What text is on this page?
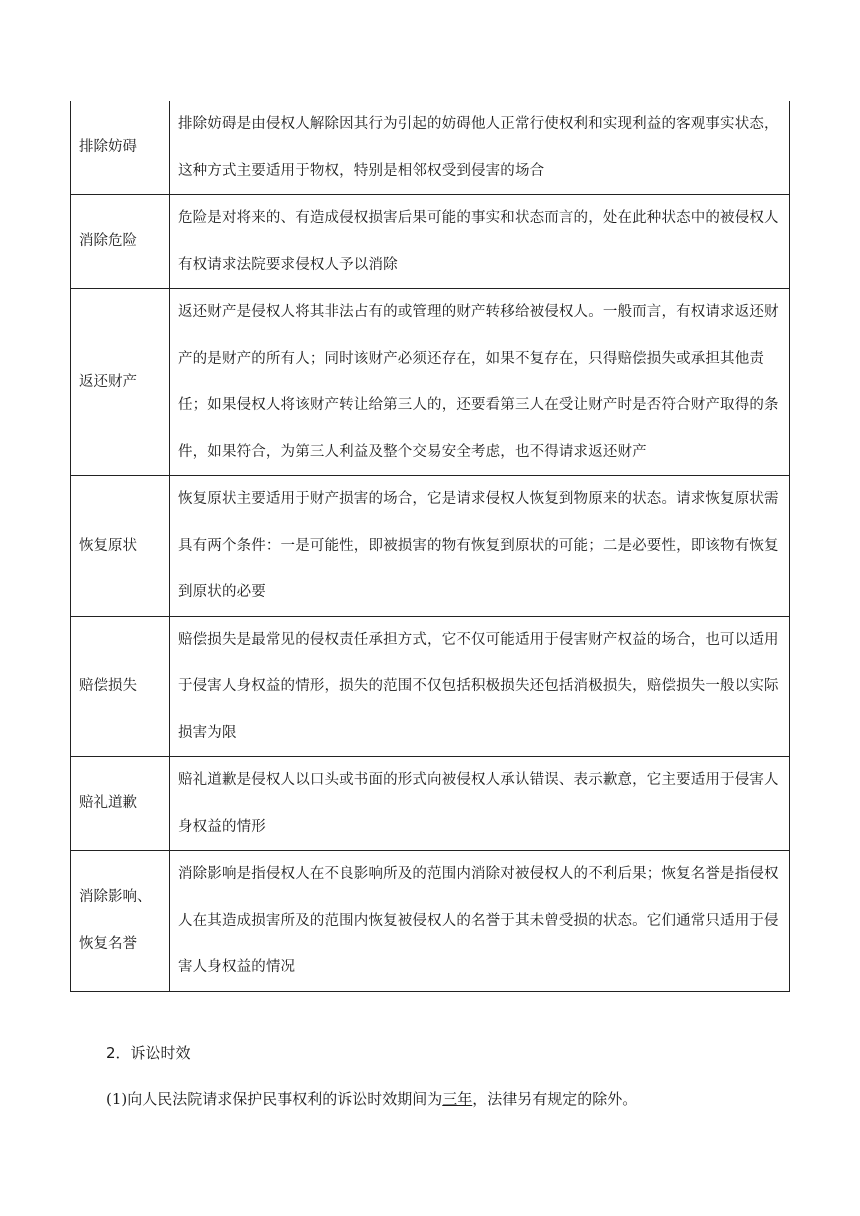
排除妨碍	排除妨碍是由侵权人解除因其行为引起的妨碍他人正常行使权利和实现利益的客观事实状态，这种方式主要适用于物权，特别是相邻权受到侵害的场合
消除危险	危险是对将来的、有造成侵权损害后果可能的事实和状态而言的，处在此种状态中的被侵权人有权请求法院要求侵权人予以消除
返还财产	返还财产是侵权人将其非法占有的或管理的财产转移给被侵权人。一般而言，有权请求返还财产的是财产的所有人；同时该财产必须还存在，如果不复存在，只得赔偿损失或承担其他责任；如果侵权人将该财产转让给第三人的，还要看第三人在受让财产时是否符合财产取得的条件，如果符合，为第三人利益及整个交易安全考虑，也不得请求返还财产
恢复原状	恢复原状主要适用于财产损害的场合，它是请求侵权人恢复到物原来的状态。请求恢复原状需具有两个条件：一是可能性，即被损害的物有恢复到原状的可能；二是必要性，即该物有恢复到原状的必要
赔偿损失	赔偿损失是最常见的侵权责任承担方式，它不仅可能适用于侵害财产权益的场合，也可以适用于侵害人身权益的情形，损失的范围不仅包括积极损失还包括消极损失，赔偿损失一般以实际损害为限
赔礼道歉	赔礼道歉是侵权人以口头或书面的形式向被侵权人承认错误、表示歉意，它主要适用于侵害人身权益的情形
消除影响、恢复名誉	消除影响是指侵权人在不良影响所及的范围内消除对被侵权人的不利后果；恢复名誉是指侵权人在其造成损害所及的范围内恢复被侵权人的名誉于其未曾受损的状态。它们通常只适用于侵害人身权益的情况
2．诉讼时效
(1)向人民法院请求保护民事权利的诉讼时效期间为三年，法律另有规定的除外。
